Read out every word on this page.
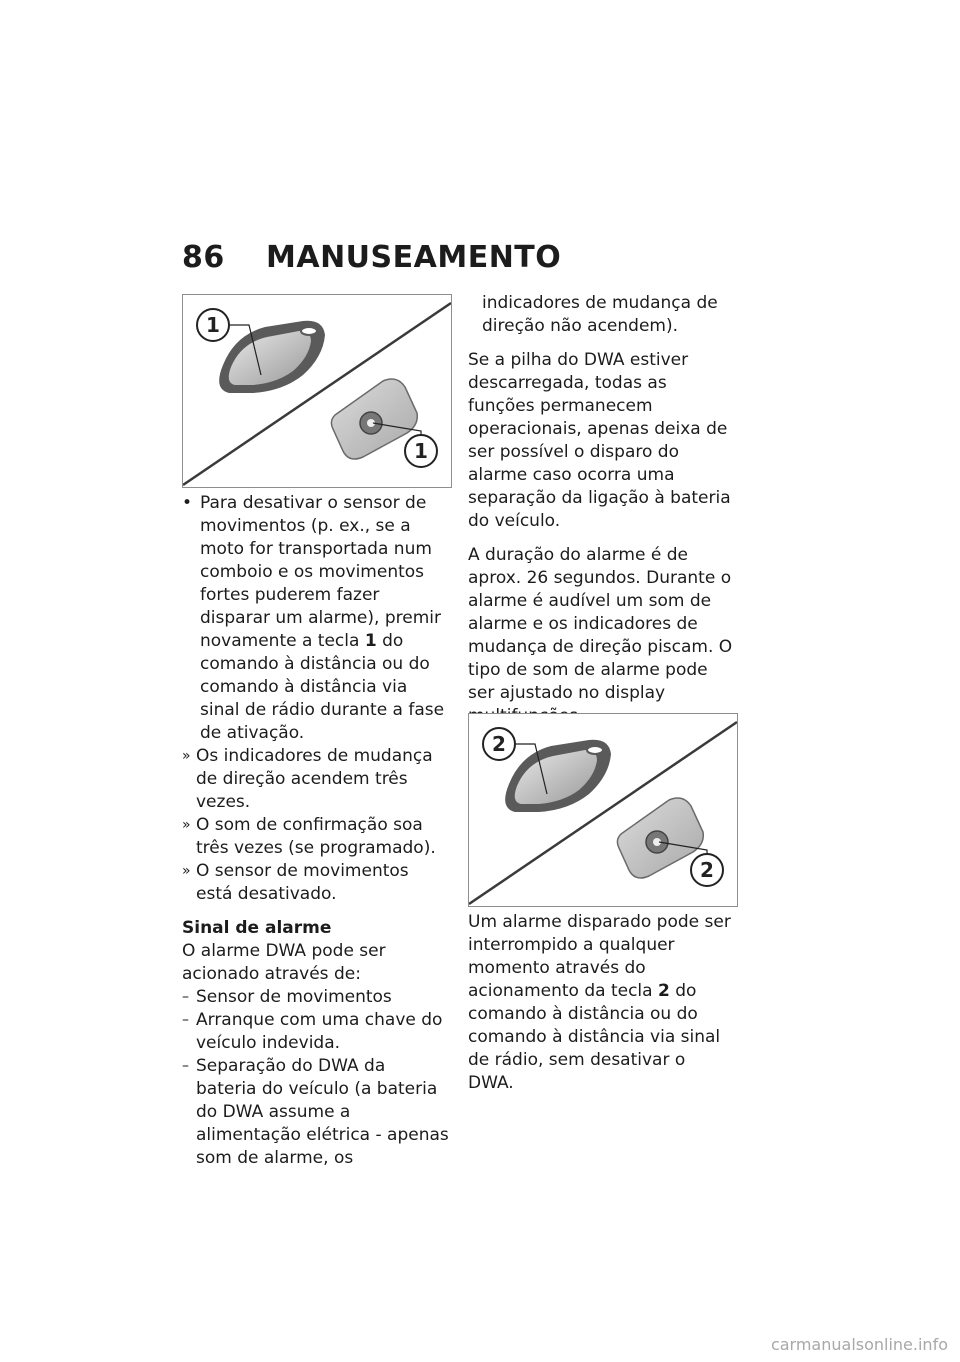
86 MANUSEAMENTO
1
1
• Para desativar o sensor de movimentos (p. ex., se a moto for transportada num comboio e os movimentos fortes puderem fazer disparar um alarme), premir novamente a tecla 1 do comando à distância ou do comando à distância via sinal de rádio durante a fase de ativação.
» Os indicadores de mudança de direção acendem três vezes.
» O som de confirmação soa três vezes (se programado).
» O sensor de movimentos está desativado.

Sinal de alarme

O alarme DWA pode ser acionado através de:

– Sensor de movimentos
– Arranque com uma chave do veículo indevida.
– Separação do DWA da bateria do veículo (a bateria do DWA assume a alimentação elétrica - apenas som de alarme, os
indicadores de mudança de direção não acendem).

Se a pilha do DWA estiver descarregada, todas as funções permanecem operacionais, apenas deixa de ser possível o disparo do alarme caso ocorra uma separação da ligação à bateria do veículo.

A duração do alarme é de aprox. 26 segundos. Durante o alarme é audível um som de alarme e os indicadores de mudança de direção piscam. O tipo de som de alarme pode ser ajustado no display

2
2

Um alarme disparado pode ser interrompido a qualquer momento através do acionamento da tecla 2 do comando à distância ou do comando à distância via sinal de rádio, sem desativar o DWA.

carmanualsonline.info
